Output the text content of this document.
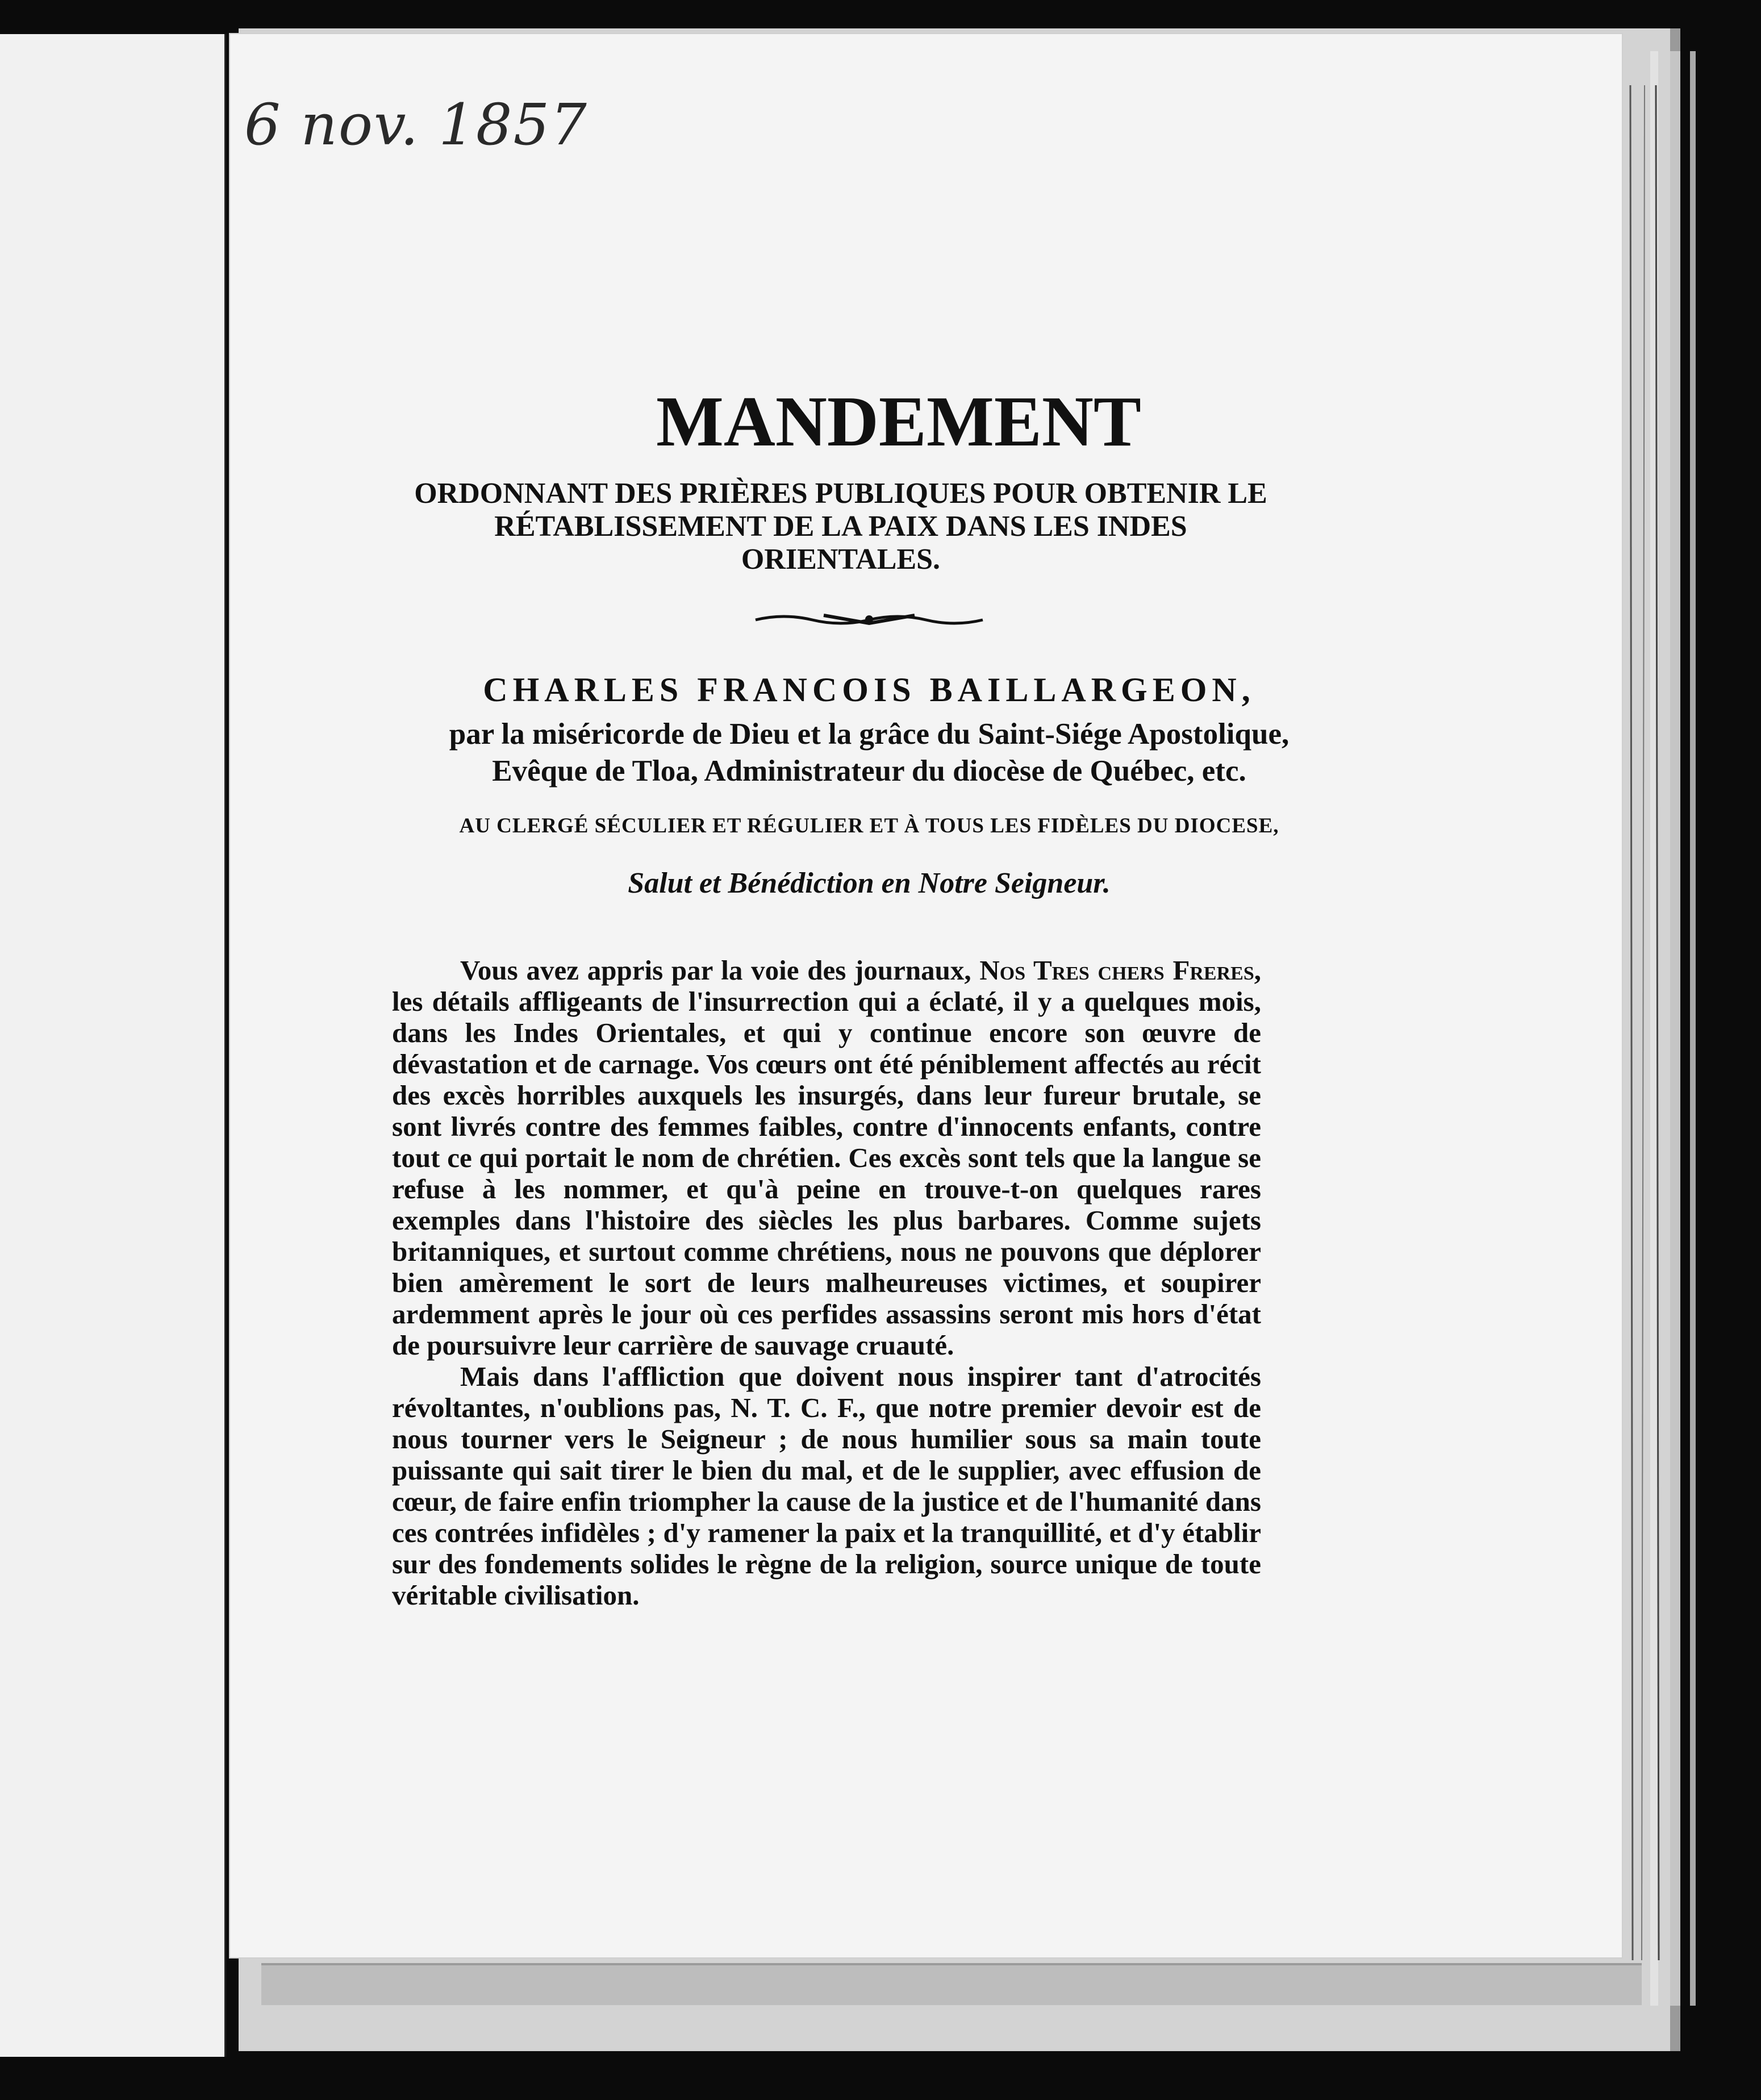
6 nov. 1857
MANDEMENT
ORDONNANT DES PRIÈRES PUBLIQUES POUR OBTENIR LE RÉTABLISSEMENT DE LA PAIX DANS LES INDES ORIENTALES.
CHARLES FRANCOIS BAILLARGEON,
par la miséricorde de Dieu et la grâce du Saint-Siége Apostolique,
Evêque de Tloa, Administrateur du diocèse de Québec, etc.
AU CLERGÉ SÉCULIER ET RÉGULIER ET À TOUS LES FIDÈLES DU DIOCESE,
Salut et Bénédiction en Notre Seigneur.

Vous avez appris par la voie des journaux, Nos Tres chers Freres, les détails affligeants de l'insurrection qui a éclaté, il y a quelques mois, dans les Indes Orientales, et qui y continue encore son œuvre de dévastation et de carnage. Vos cœurs ont été péniblement affectés au récit des excès horribles auxquels les insurgés, dans leur fureur brutale, se sont livrés contre des femmes faibles, contre d'innocents enfants, contre tout ce qui portait le nom de chrétien. Ces excès sont tels que la langue se refuse à les nommer, et qu'à peine en trouve-t-on quelques rares exemples dans l'histoire des siècles les plus barbares. Comme sujets britanniques, et surtout comme chrétiens, nous ne pouvons que déplorer bien amèrement le sort de leurs malheureuses victimes, et soupirer ardemment après le jour où ces perfides assassins seront mis hors d'état de poursuivre leur carrière de sauvage cruauté.

Mais dans l'affliction que doivent nous inspirer tant d'atrocités révoltantes, n'oublions pas, N. T. C. F., que notre premier devoir est de nous tourner vers le Seigneur ; de nous humilier sous sa main toute puissante qui sait tirer le bien du mal, et de le supplier, avec effusion de cœur, de faire enfin triompher la cause de la justice et de l'humanité dans ces contrées infidèles ; d'y ramener la paix et la tranquillité, et d'y établir sur des fondements solides le règne de la religion, source unique de toute véritable civilisation.
